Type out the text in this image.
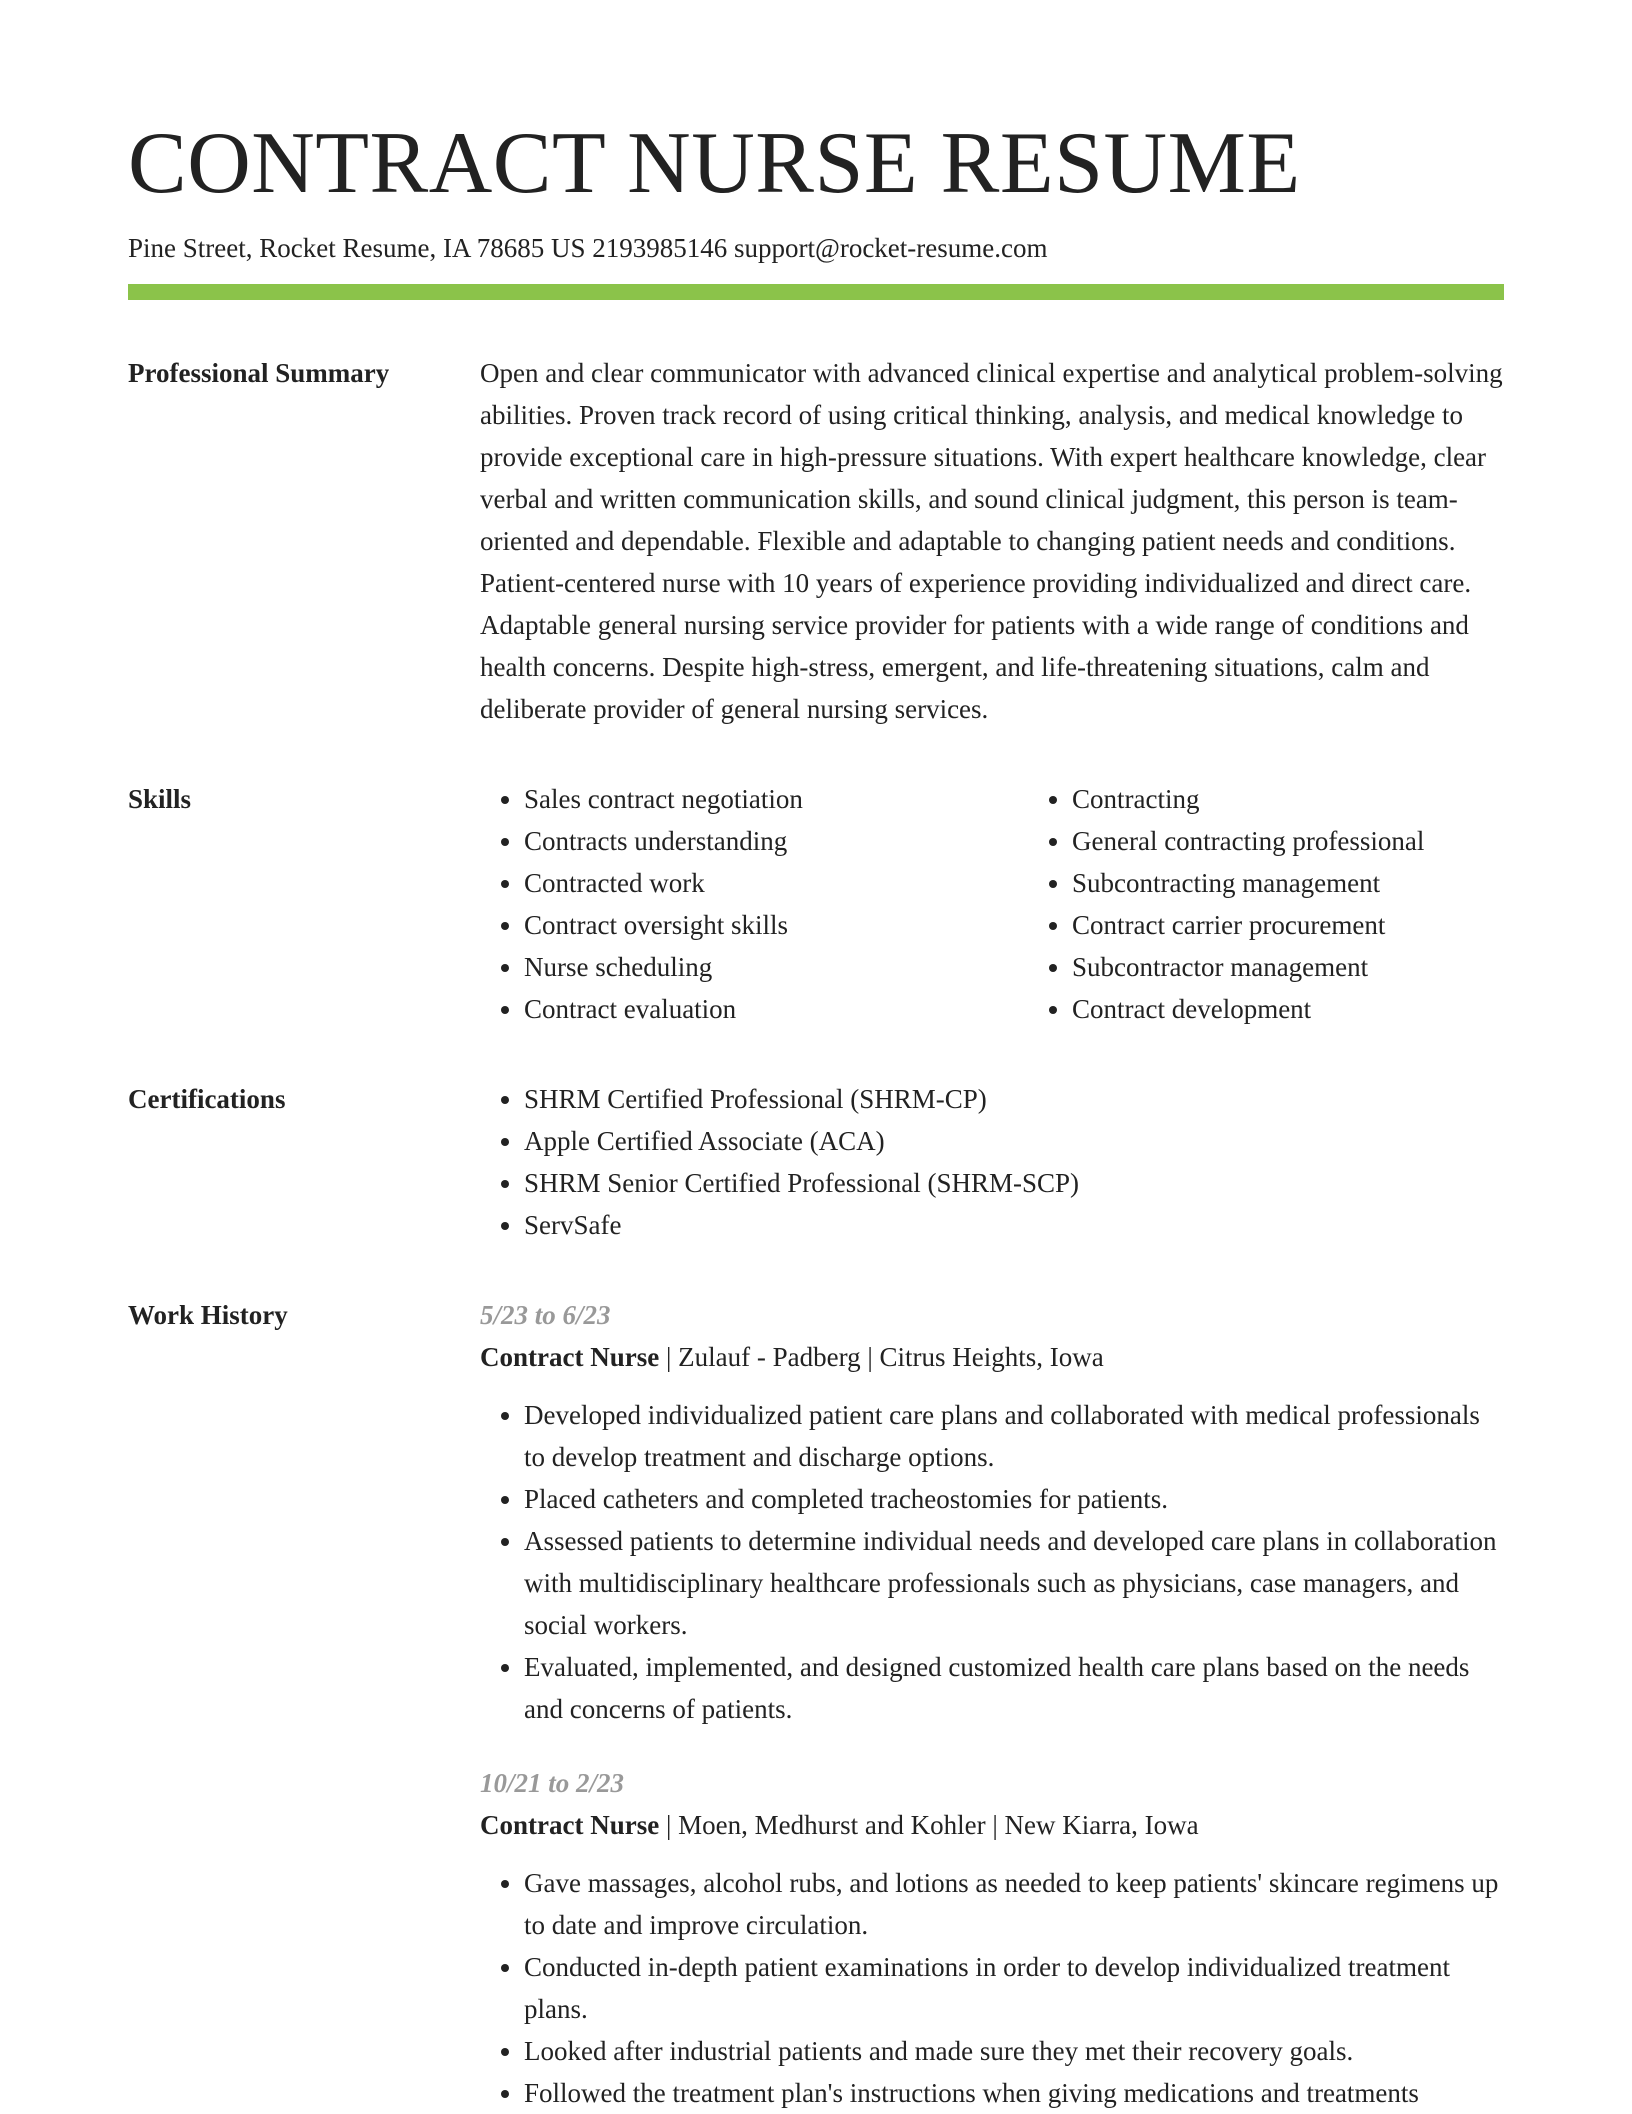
CONTRACT NURSE RESUME
Pine Street, Rocket Resume, IA 78685 US 2193985146 support@rocket-resume.com
Professional Summary	Open and clear communicator with advanced clinical expertise and analytical problem-solving abilities. Proven track record of using critical thinking, analysis, and medical knowledge to provide exceptional care in high-pressure situations. With expert healthcare knowledge, clear verbal and written communication skills, and sound clinical judgment, this person is team-oriented and dependable. Flexible and adaptable to changing patient needs and conditions. Patient-centered nurse with 10 years of experience providing individualized and direct care. Adaptable general nursing service provider for patients with a wide range of conditions and health concerns. Despite high-stress, emergent, and life-threatening situations, calm and deliberate provider of general nursing services.

Skills	• Sales contract negotiation
• Contracts understanding
• Contracted work
• Contract oversight skills
• Nurse scheduling
• Contract evaluation
• Contracting
• General contracting professional
• Subcontracting management
• Contract carrier procurement
• Subcontractor management
• Contract development
Certifications	• SHRM Certified Professional (SHRM-CP)
• Apple Certified Associate (ACA)
• SHRM Senior Certified Professional (SHRM-SCP)
• ServSafe
Work History	5/23 to 6/23
Contract Nurse | Zulauf - Padberg | Citrus Heights, Iowa
• Developed individualized patient care plans and collaborated with medical professionals to develop treatment and discharge options.
• Placed catheters and completed tracheostomies for patients.
• Assessed patients to determine individual needs and developed care plans in collaboration with multidisciplinary healthcare professionals such as physicians, case managers, and social workers.
• Evaluated, implemented, and designed customized health care plans based on the needs and concerns of patients.
10/21 to 2/23
Contract Nurse | Moen, Medhurst and Kohler | New Kiarra, Iowa
• Gave massages, alcohol rubs, and lotions as needed to keep patients' skincare regimens up to date and improve circulation.
• Conducted in-depth patient examinations in order to develop individualized treatment plans.
• Looked after industrial patients and made sure they met their recovery goals.
• Followed the treatment plan's instructions when giving medications and treatments
